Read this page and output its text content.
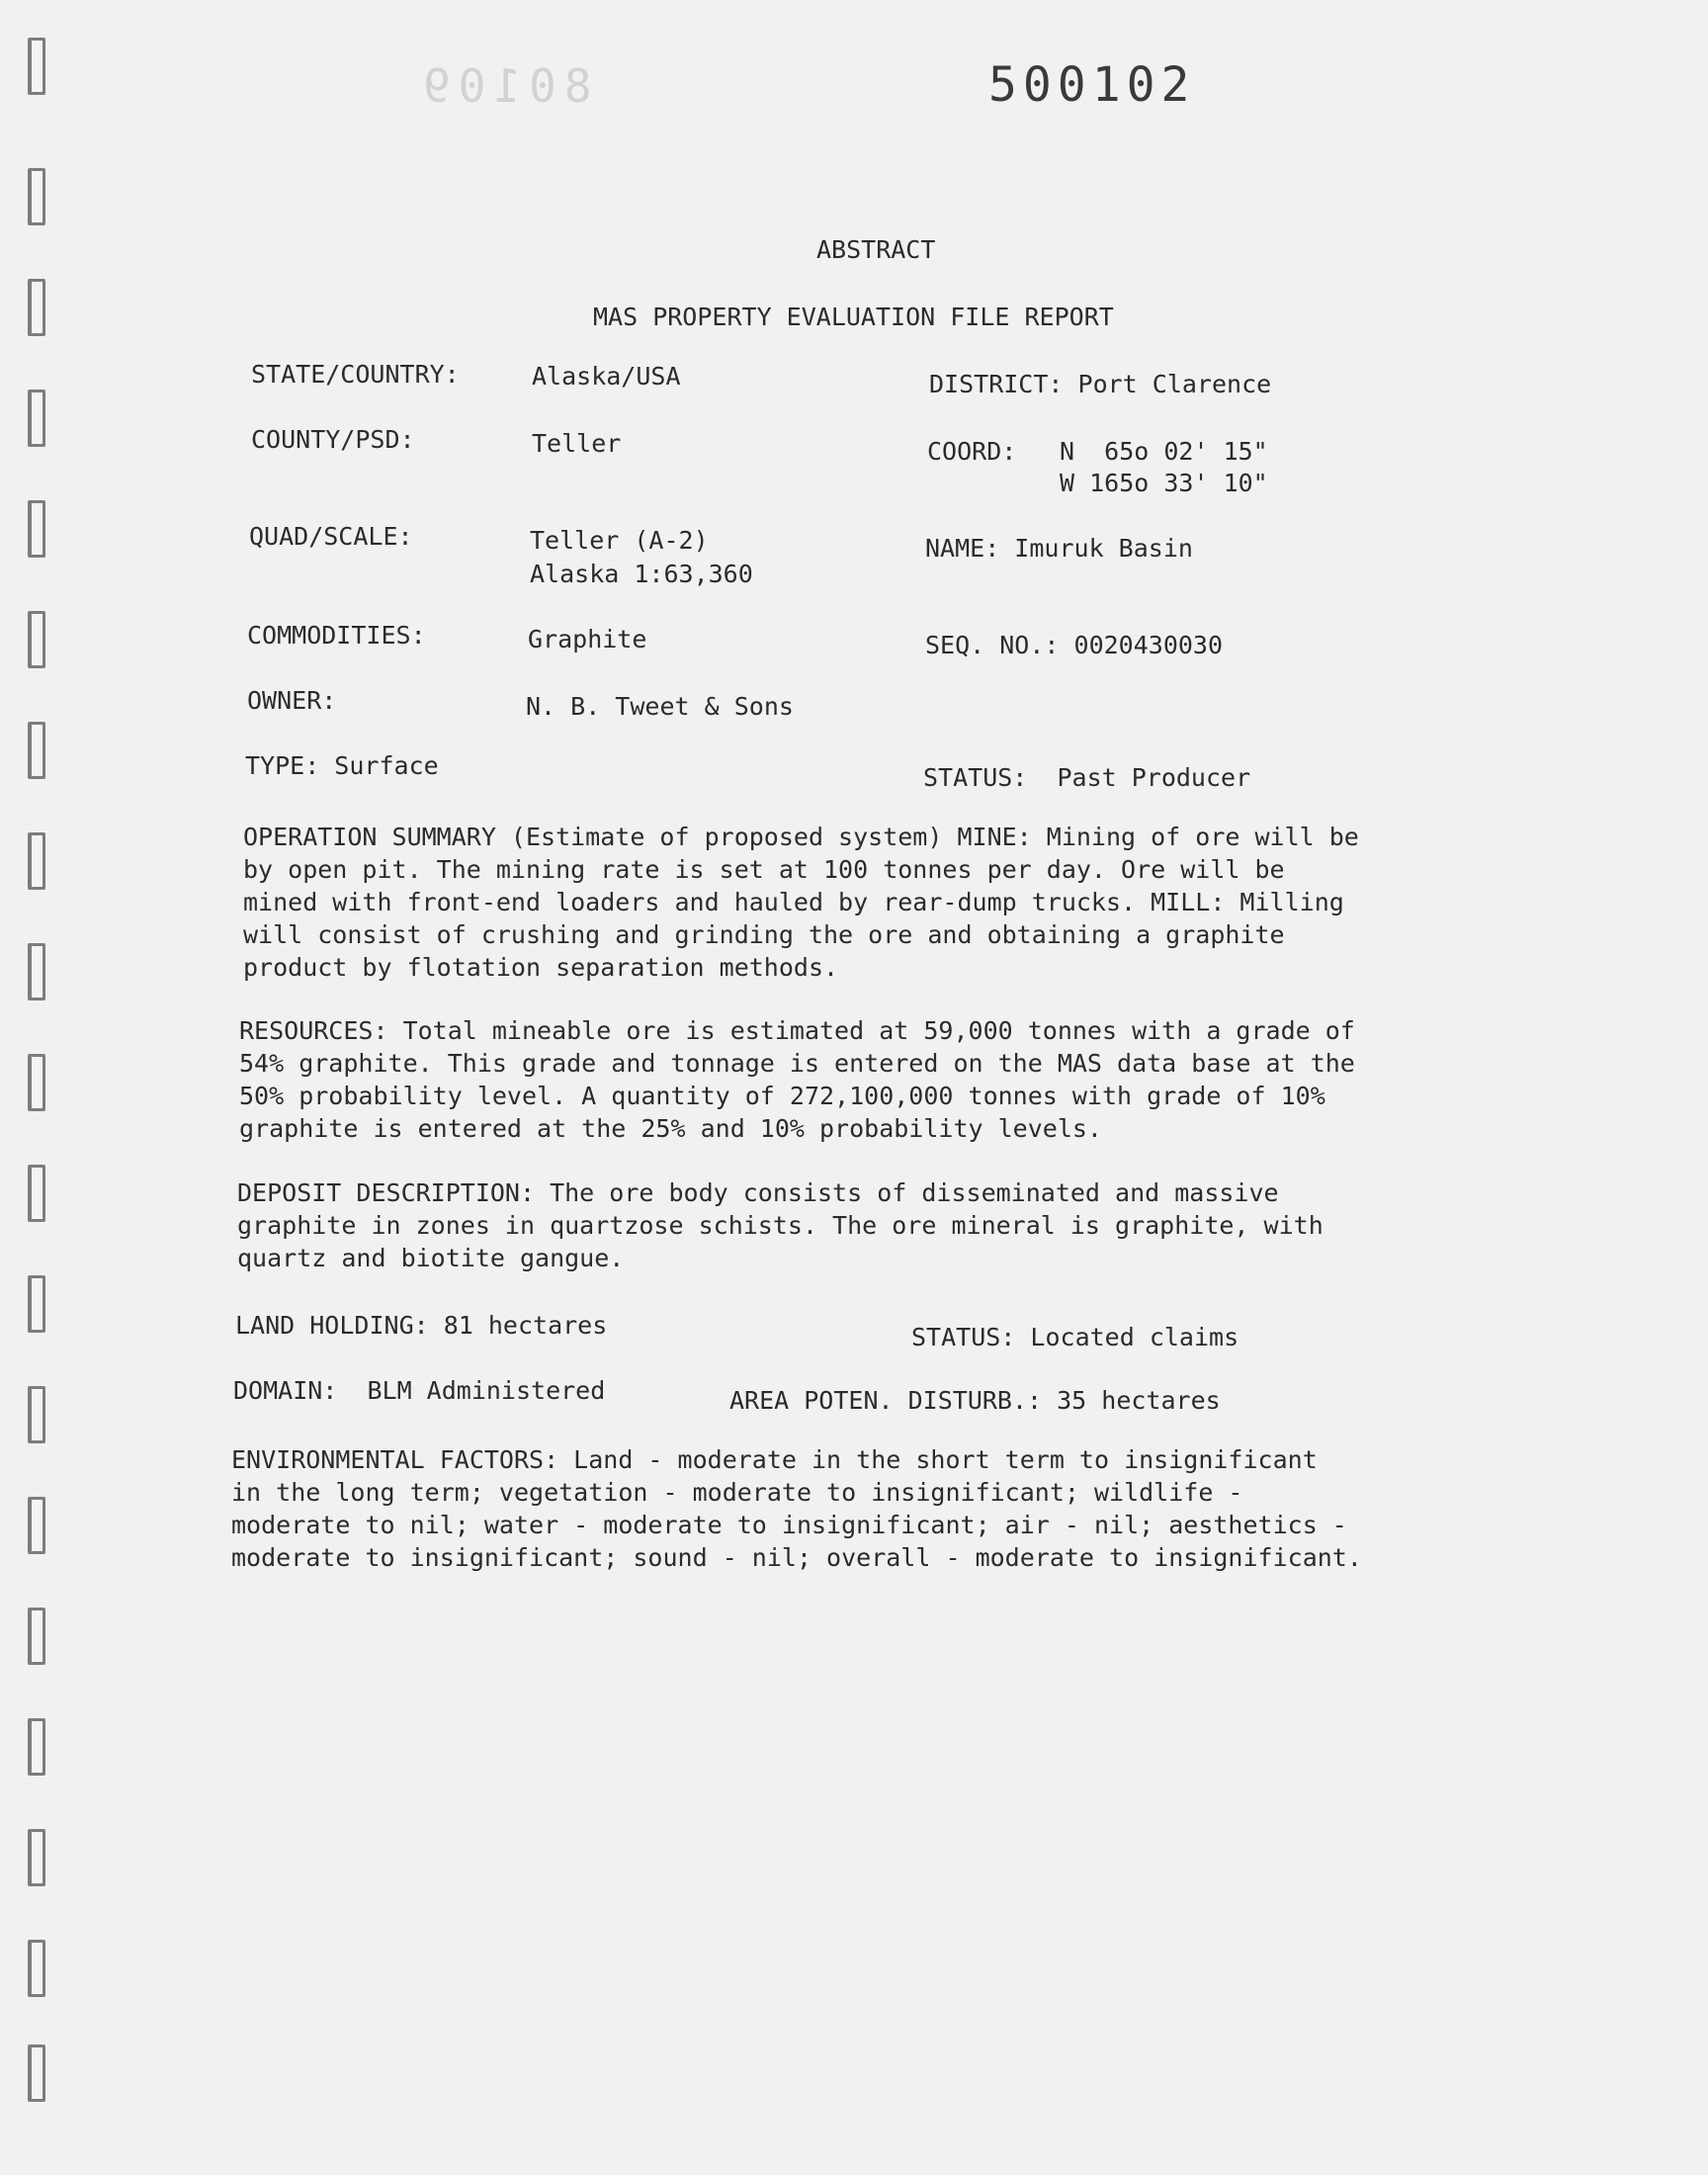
80109	500102
ABSTRACT
MAS PROPERTY EVALUATION FILE REPORT
STATE/COUNTRY:	Alaska/USA	DISTRICT: Port Clarence
COUNTY/PSD:	Teller	COORD: N  65o 02' 15"
W 165o 33' 10"
QUAD/SCALE:	Teller (A-2)
Alaska 1:63,360
NAME: Imuruk Basin
COMMODITIES:	Graphite	SEQ. NO.: 0020430030
OWNER:	N. B. Tweet & Sons
TYPE: Surface	STATUS:  Past Producer
OPERATION SUMMARY (Estimate of proposed system) MINE: Mining of ore will be
by open pit. The mining rate is set at 100 tonnes per day. Ore will be
mined with front-end loaders and hauled by rear-dump trucks. MILL: Milling
will consist of crushing and grinding the ore and obtaining a graphite
product by flotation separation methods.
RESOURCES: Total mineable ore is estimated at 59,000 tonnes with a grade of
54% graphite. This grade and tonnage is entered on the MAS data base at the
50% probability level. A quantity of 272,100,000 tonnes with grade of 10%
graphite is entered at the 25% and 10% probability levels.
DEPOSIT DESCRIPTION: The ore body consists of disseminated and massive
graphite in zones in quartzose schists. The ore mineral is graphite, with
quartz and biotite gangue.
LAND HOLDING: 81 hectares	STATUS: Located claims
DOMAIN:  BLM Administered	AREA POTEN. DISTURB.: 35 hectares
ENVIRONMENTAL FACTORS: Land - moderate in the short term to insignificant
in the long term; vegetation - moderate to insignificant; wildlife -
moderate to nil; water - moderate to insignificant; air - nil; aesthetics -
moderate to insignificant; sound - nil; overall - moderate to insignificant.
